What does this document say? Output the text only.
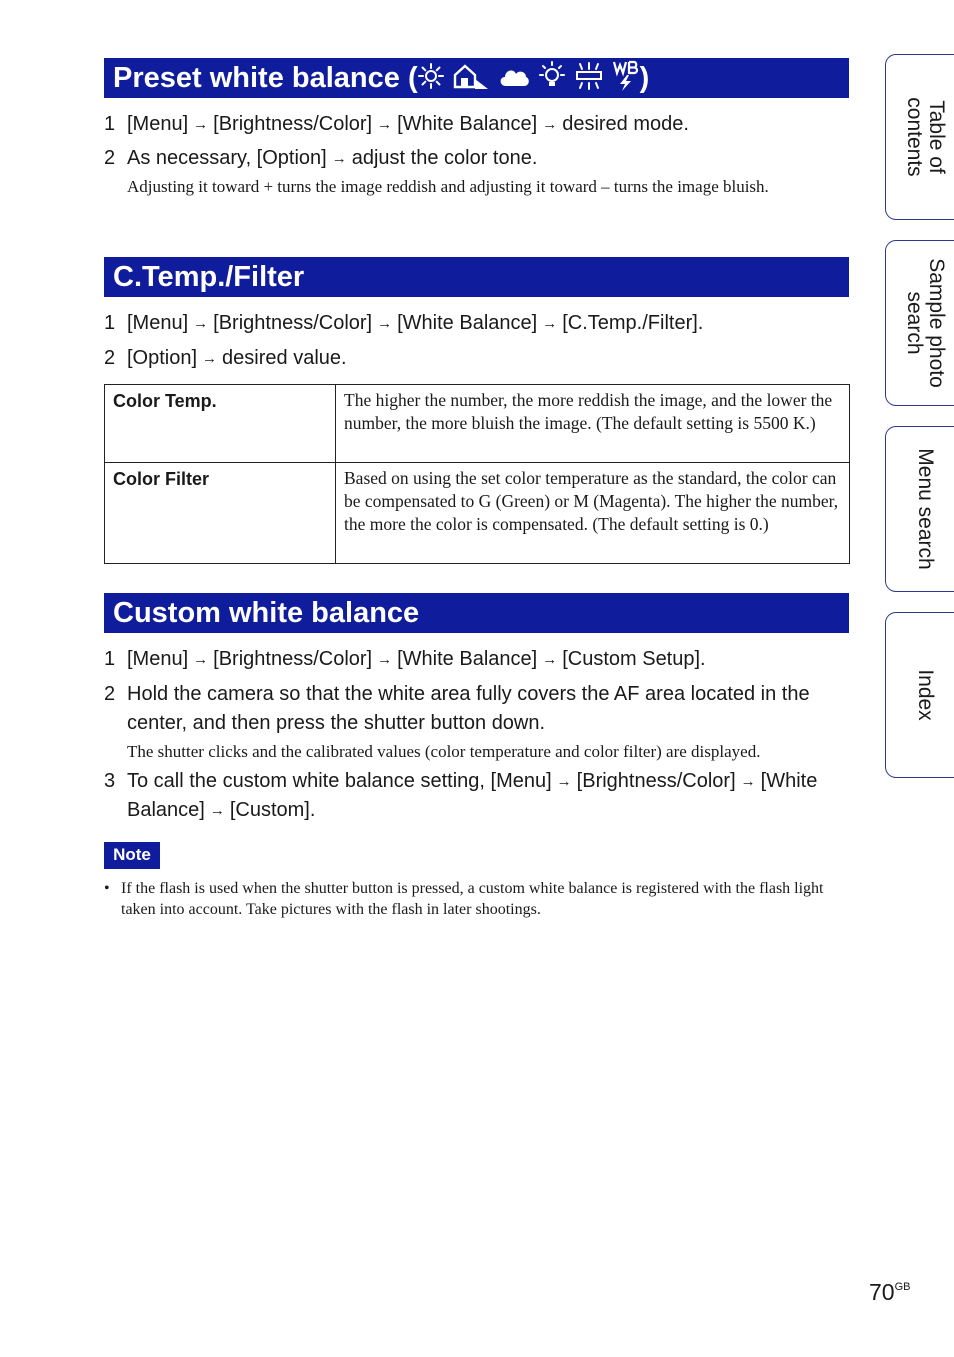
Preset white balance (	)
1 [Menu] → [Brightness/Color] → [White Balance] → desired mode.
2 As necessary, [Option] → adjust the color tone.
Adjusting it toward + turns the image reddish and adjusting it toward – turns the image bluish.
C.Temp./Filter
1 [Menu] → [Brightness/Color] → [White Balance] → [C.Temp./Filter].
2 [Option] → desired value.
Color Temp.	The higher the number, the more reddish the image, and the lower the number, the more bluish the image. (The default setting is 5500 K.)
Color Filter	Based on using the set color temperature as the standard, the color can be compensated to G (Green) or M (Magenta). The higher the number, the more the color is compensated. (The default setting is 0.)
Custom white balance
1 [Menu] → [Brightness/Color] → [White Balance] → [Custom Setup].
2 Hold the camera so that the white area fully covers the AF area located in the center, and then press the shutter button down.
The shutter clicks and the calibrated values (color temperature and color filter) are displayed.
3 To call the custom white balance setting, [Menu] → [Brightness/Color] → [White Balance] → [Custom].
Note
• If the flash is used when the shutter button is pressed, a custom white balance is registered with the flash light taken into account. Take pictures with the flash in later shootings.
Table of
contents
Sample photo
search
Menu search
Index
$70^{GB}$
